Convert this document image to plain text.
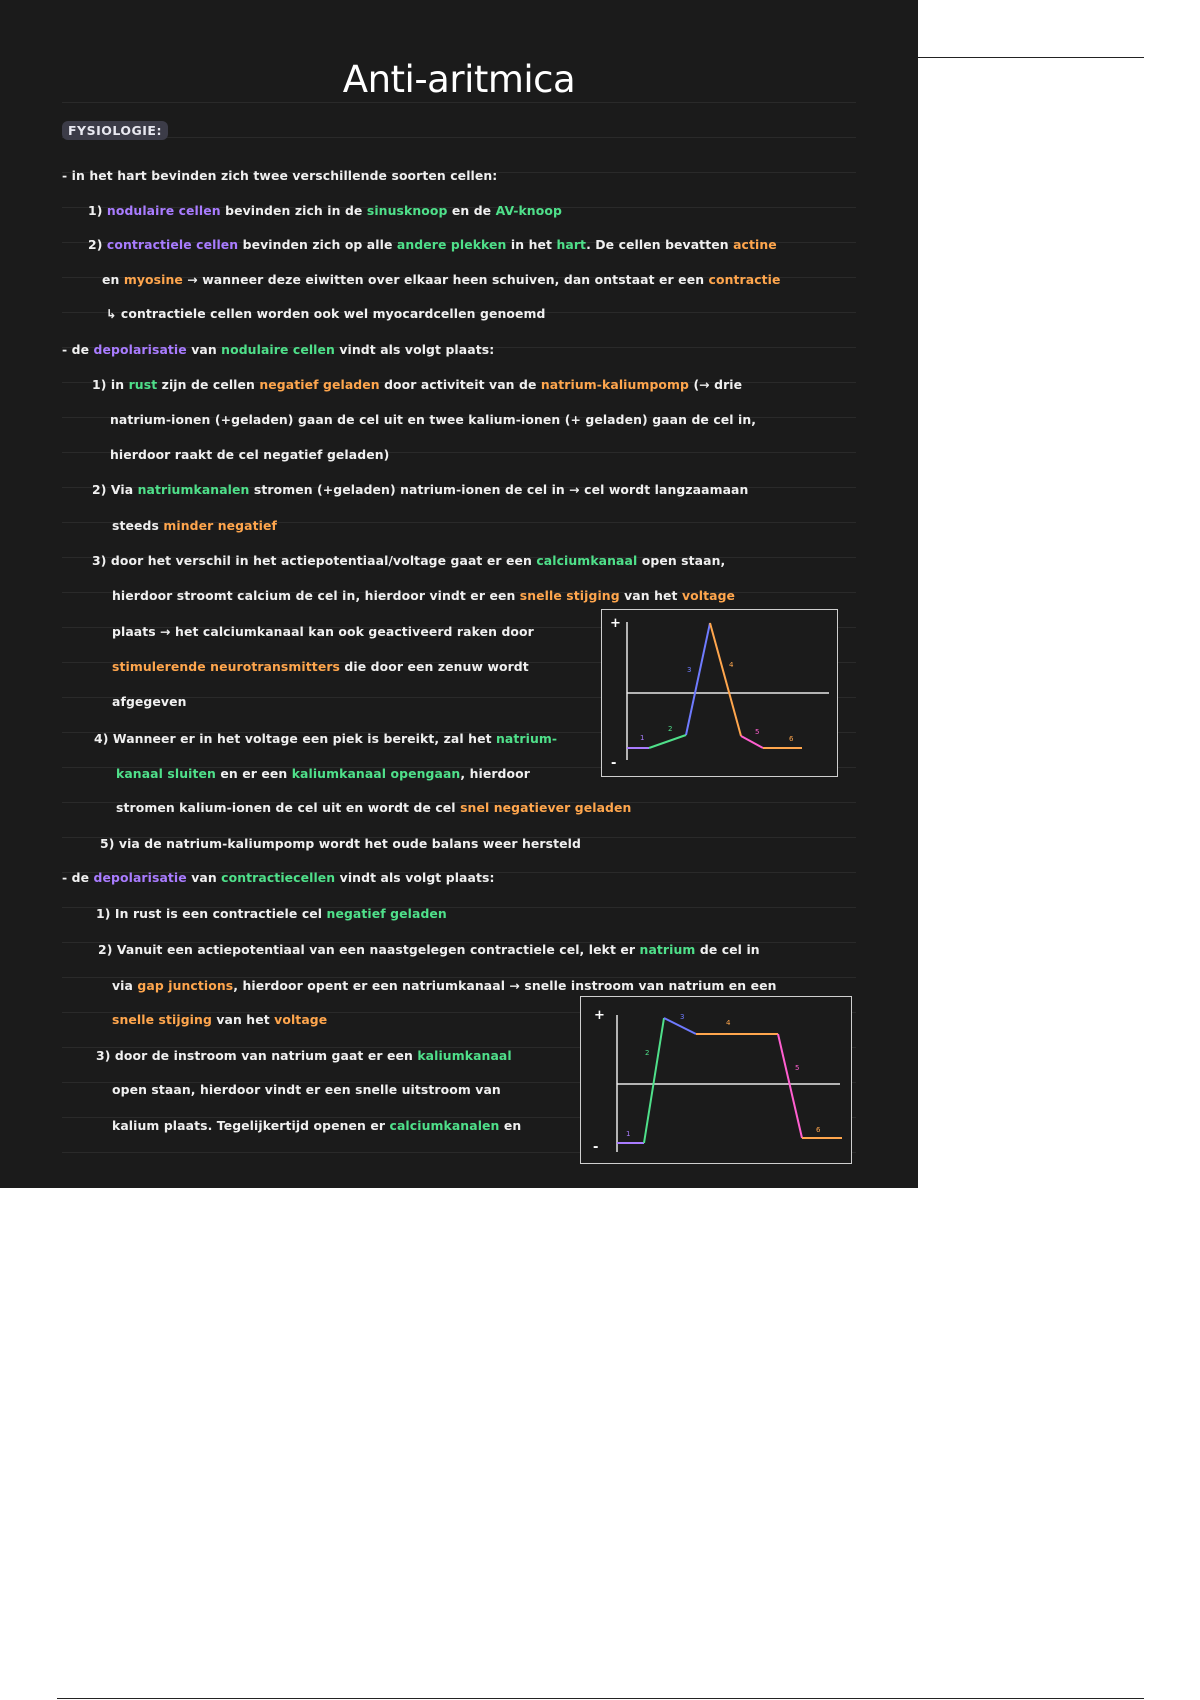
Anti-aritmica
FYSIOLOGIE:
- in het hart bevinden zich twee verschillende soorten cellen:
1) nodulaire cellen bevinden zich in de sinusknoop en de AV-knoop
2) contractiele cellen bevinden zich op alle andere plekken in het hart. De cellen bevatten actine
en myosine → wanneer deze eiwitten over elkaar heen schuiven, dan ontstaat er een contractie
↳ contractiele cellen worden ook wel myocardcellen genoemd
- de depolarisatie van nodulaire cellen vindt als volgt plaats:
1) in rust zijn de cellen negatief geladen door activiteit van de natrium-kaliumpomp (→ drie
natrium-ionen (+geladen) gaan de cel uit en twee kalium-ionen (+ geladen) gaan de cel in,
hierdoor raakt de cel negatief geladen)
2) Via natriumkanalen stromen (+geladen) natrium-ionen de cel in → cel wordt langzaamaan
steeds minder negatief
3) door het verschil in het actiepotentiaal/voltage gaat er een calciumkanaal open staan,
hierdoor stroomt calcium de cel in, hierdoor vindt er een snelle stijging van het voltage
plaats → het calciumkanaal kan ook geactiveerd raken door
stimulerende neurotransmitters die door een zenuw wordt
afgegeven
4) Wanneer er in het voltage een piek is bereikt, zal het natrium-
kanaal sluiten en er een kaliumkanaal opengaan, hierdoor
stromen kalium-ionen de cel uit en wordt de cel snel negatiever geladen
5) via de natrium-kaliumpomp wordt het oude balans weer hersteld
- de depolarisatie van contractiecellen vindt als volgt plaats:
1) In rust is een contractiele cel negatief geladen
2) Vanuit een actiepotentiaal van een naastgelegen contractiele cel, lekt er natrium de cel in
via gap junctions, hierdoor opent er een natriumkanaal → snelle instroom van natrium en een
snelle stijging van het voltage
3) door de instroom van natrium gaat er een kaliumkanaal
open staan, hierdoor vindt er een snelle uitstroom van
kalium plaats. Tegelijkertijd openen er calciumkanalen en
+
-
1
2
3
4
5
6
+
-
1
2
3
4
5
6
